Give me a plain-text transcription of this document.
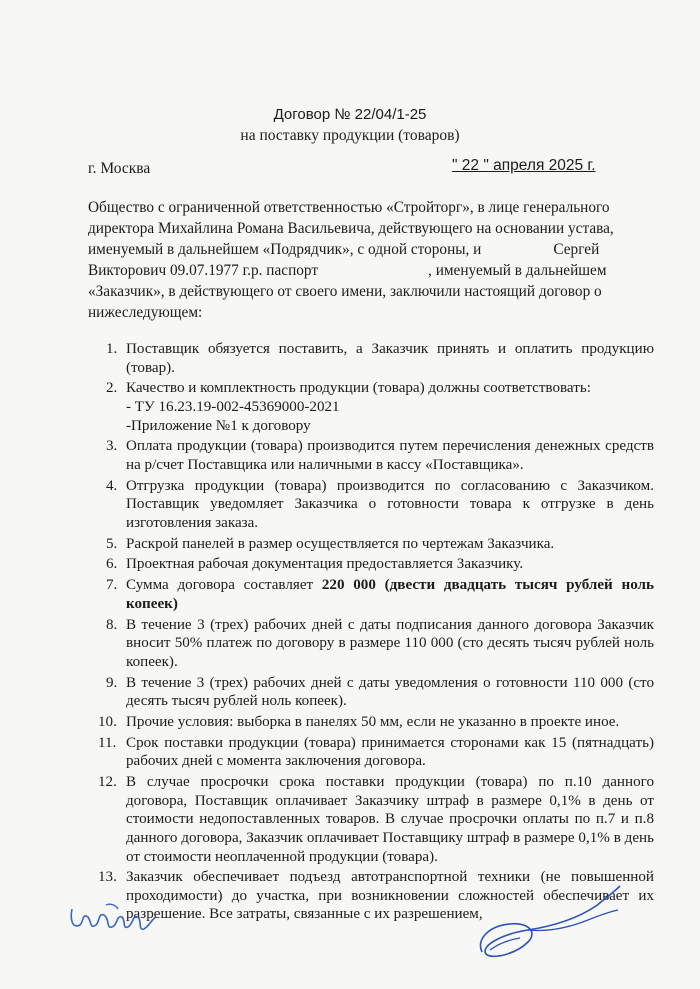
Договор № 22/04/1-25
на поставку продукции (товаров)
г. Москва	" 22 " апреля 2025 г.

Общество с ограниченной ответственностью «Стройторг», в лице генерального

директора Михайлина Романа Васильевича, действующего на основании устава,

именуемый в дальнейшем «Подрядчик», с одной стороны, и	Сергей

Викторович 09.07.1977 г.р. паспорт	, именуемый в дальнейшем

«Заказчик», в действующего от своего имени, заключили настоящий договор о

нижеследующем:

1. Поставщик обязуется поставить, а Заказчик принять и оплатить продукцию (товар).
2. Качество и комплектность продукции (товара) должны соответствовать:
- ТУ 16.23.19-002-45369000-2021
-Приложение №1 к договору
3. Оплата продукции (товара) производится путем перечисления денежных средств на р/счет Поставщика или наличными в кассу «Поставщика».
4. Отгрузка продукции (товара) производится по согласованию с Заказчиком. Поставщик уведомляет Заказчика о готовности товара к отгрузке в день изготовления заказа.
5. Раскрой панелей в размер осуществляется по чертежам Заказчика.
6. Проектная рабочая документация предоставляется Заказчику.
7. Сумма договора составляет 220 000 (двести двадцать тысяч рублей ноль копеек)
8. В течение 3 (трех) рабочих дней с даты подписания данного договора Заказчик вносит 50% платеж по договору в размере 110 000 (сто десять тысяч рублей ноль копеек).
9. В течение 3 (трех) рабочих дней с даты уведомления о готовности 110 000 (сто десять тысяч рублей ноль копеек).
10. Прочие условия: выборка в панелях 50 мм, если не указанно в проекте иное.
11. Срок поставки продукции (товара) принимается сторонами как 15 (пятнадцать) рабочих дней с момента заключения договора.
12. В случае просрочки срока поставки продукции (товара) по п.10 данного договора, Поставщик оплачивает Заказчику штраф в размере 0,1% в день от стоимости недопоставленных товаров. В случае просрочки оплаты по п.7 и п.8 данного договора, Заказчик оплачивает Поставщику штраф в размере 0,1% в день от стоимости неоплаченной продукции (товара).
13. Заказчик обеспечивает подъезд автотранспортной техники (не повышенной проходимости) до участка, при возникновении сложностей обеспечивает их разрешение. Все затраты, связанные с их разрешением,
